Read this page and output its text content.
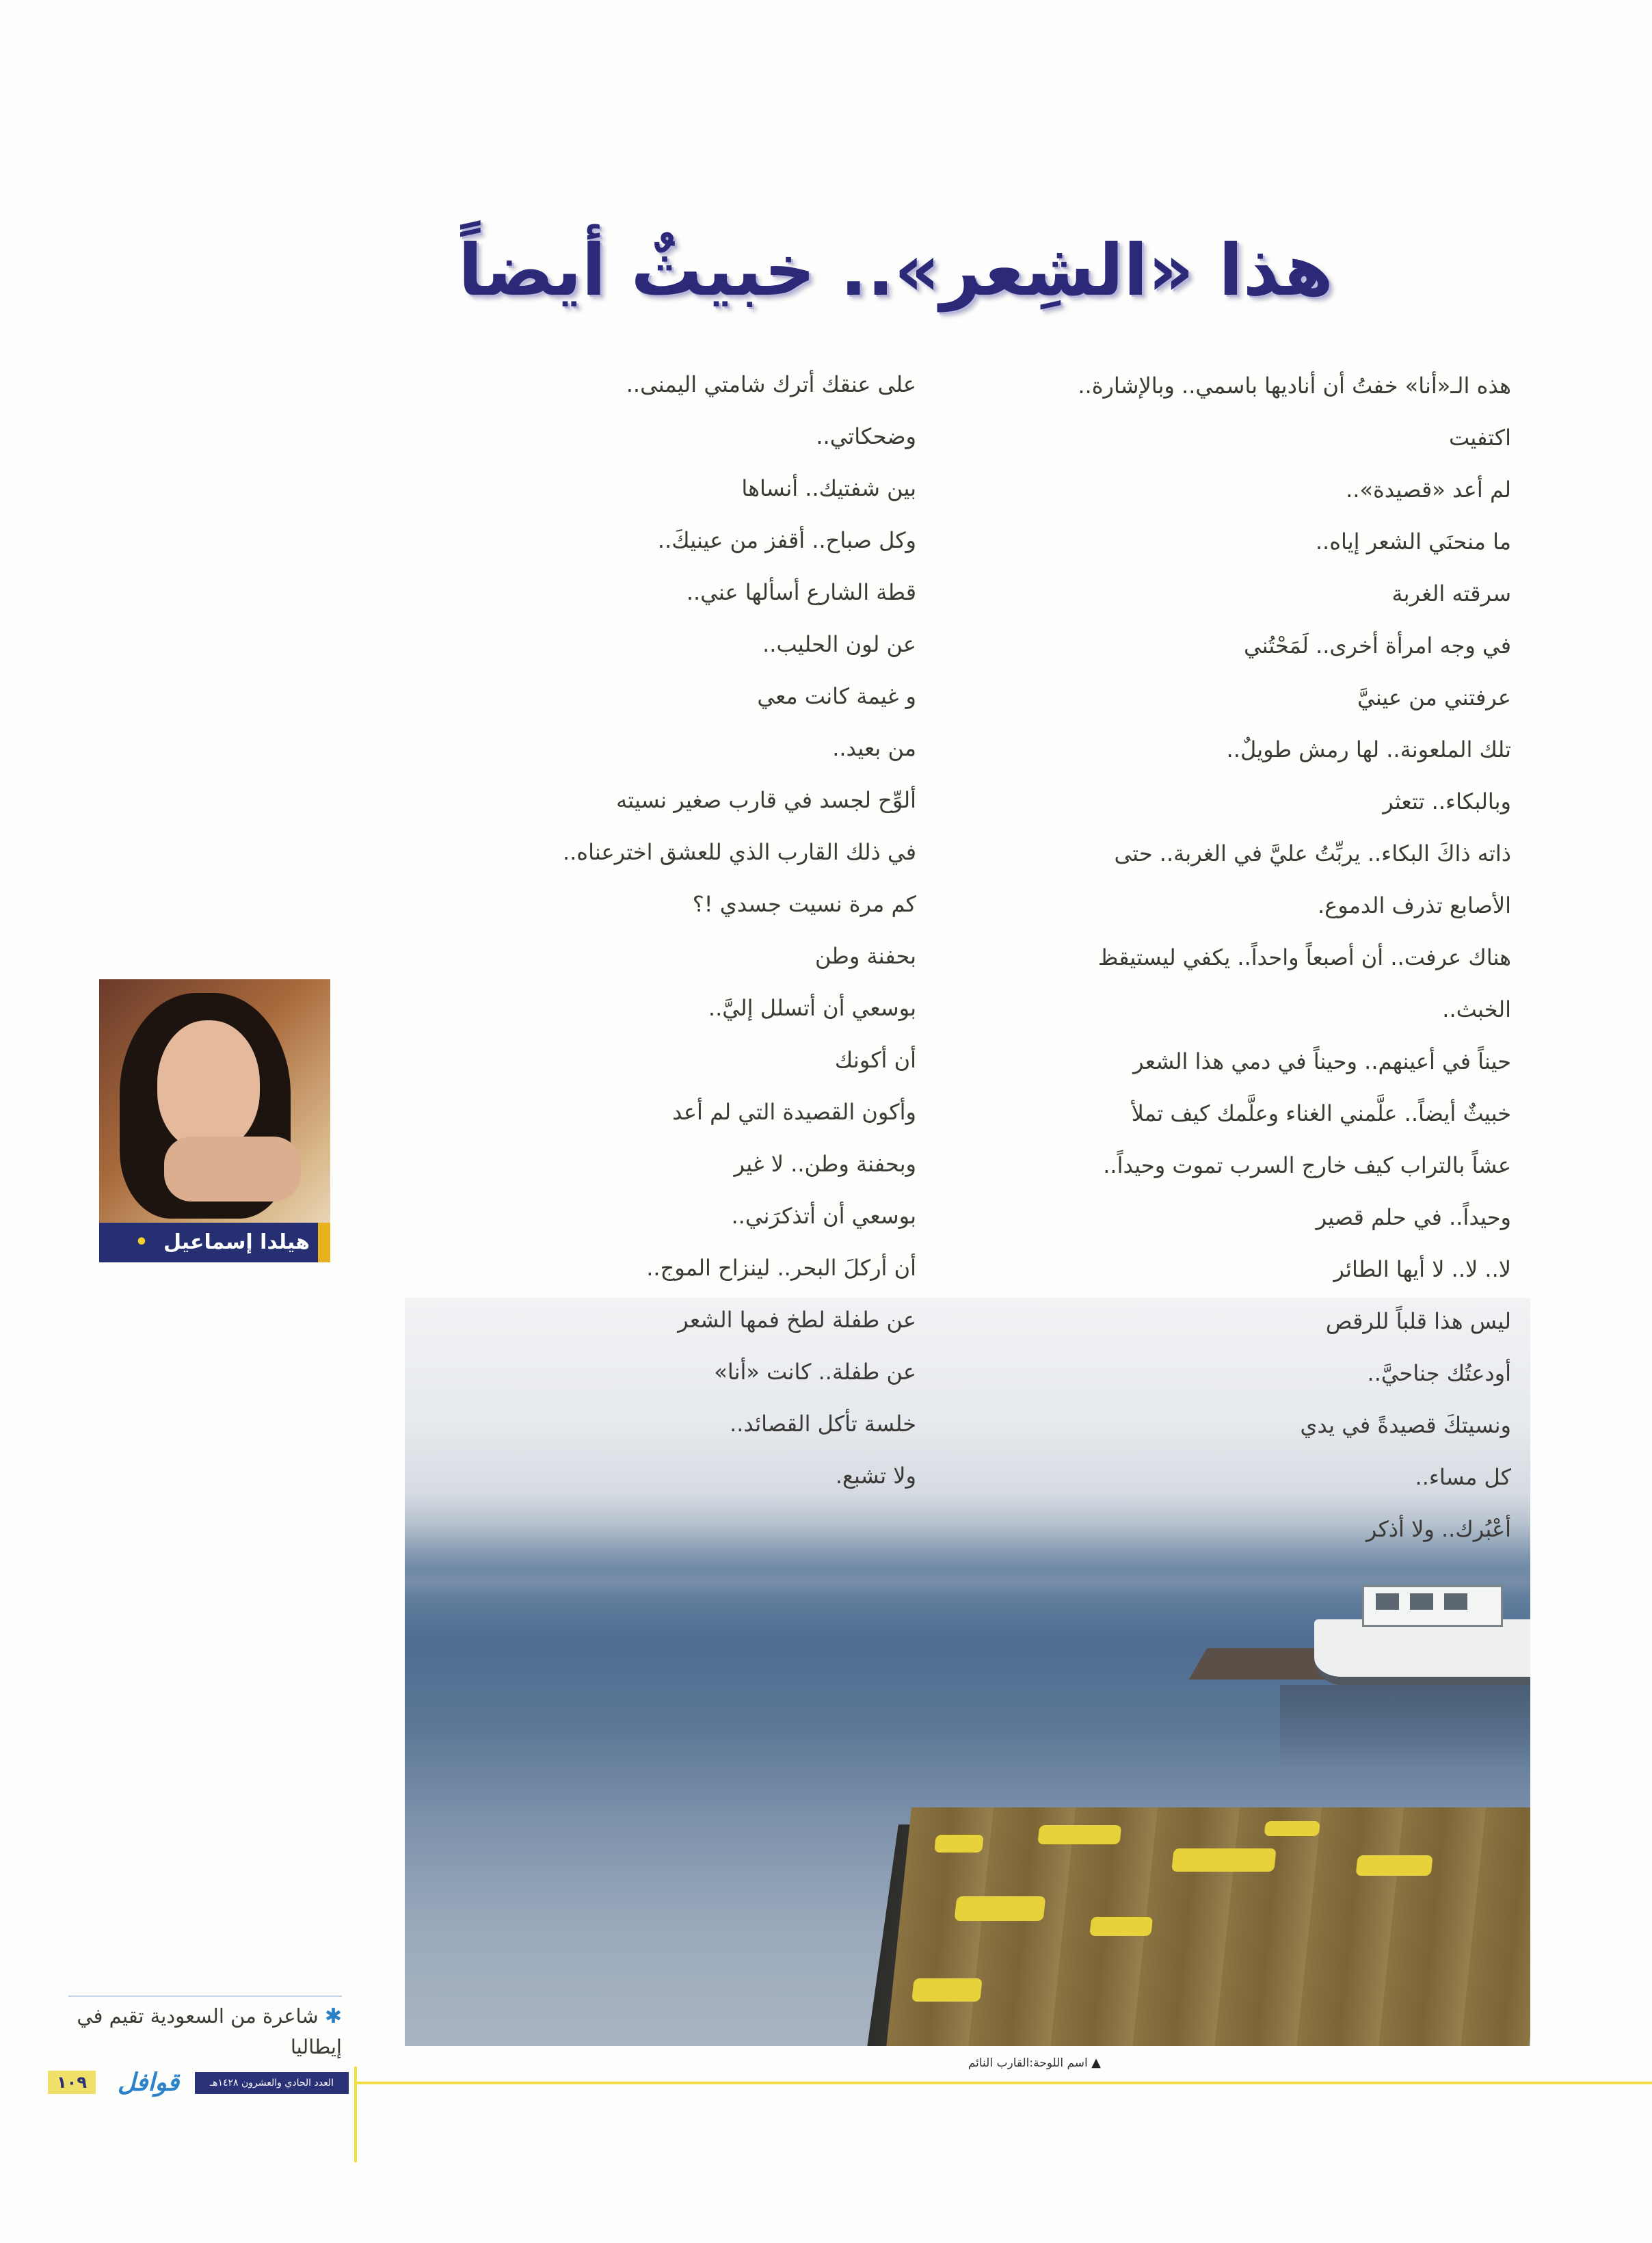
هذا «الشِعر».. خبيثٌ أيضاً
هذه الـ«أنا» خفتُ أن أناديها باسمي.. وبالإشارة..
اكتفيت
لم أعد «قصيدة»..
ما منحنَي الشعر إياه..
سرقته الغربة
في وجه امرأة أخرى.. لَمَحْتُني
عرفتني من عينيَّ
تلك الملعونة.. لها رمش طويلٌ..
وبالبكاء.. تتعثر
ذاته ذاكَ البكاء.. يربِّتُ عليَّ في الغربة.. حتى
الأصابع تذرف الدموع.
هناك عرفت.. أن أصبعاً واحداً.. يكفي ليستيقظ
الخبث..
حيناً في أعينهم.. وحيناً في دمي هذا الشعر
خبيثٌ أيضاً.. علَّمني الغناء وعلَّمك كيف تملأ
عشاً بالتراب كيف خارج السرب تموت وحيداً..
وحيداً.. في حلم قصير
لا.. لا.. لا أيها الطائر
ليس هذا قلباً للرقص
أودعتُك جناحيَّ..
ونسيتكَ قصيدةً في يدي
كل مساء..
أعْبُرك.. ولا أذكر
على عنقك أترك شامتي اليمنى..
وضحكاتي..
بين شفتيك.. أنساها
وكل صباح.. أقفز من عينيكَ..
قطة الشارع أسألها عني..
عن لون الحليب..
و غيمة كانت معي
من بعيد..
ألوِّح لجسد في قارب صغير نسيته
في ذلك القارب الذي للعشق اخترعناه..
كم مرة نسيت جسدي !؟
بحفنة وطن
بوسعي أن أتسلل إليَّ..
أن أكونك
وأكون القصيدة التي لم أعد
وبحفنة وطن.. لا غير
بوسعي أن أتذكرَني..
أن أركلَ البحر.. لينزاح الموج..
عن طفلة لطخ فمها الشعر
عن طفلة.. كانت «أنا»
خلسة تأكل القصائد..
ولا تشبع.
هيلدا إسماعيل •
✱ شاعرة من السعودية تقيم في إيطاليا
▲ اسم اللوحة:القارب النائم
١٠٩	قوافل	العدد الحادي والعشرون ١٤٢٨هـ
